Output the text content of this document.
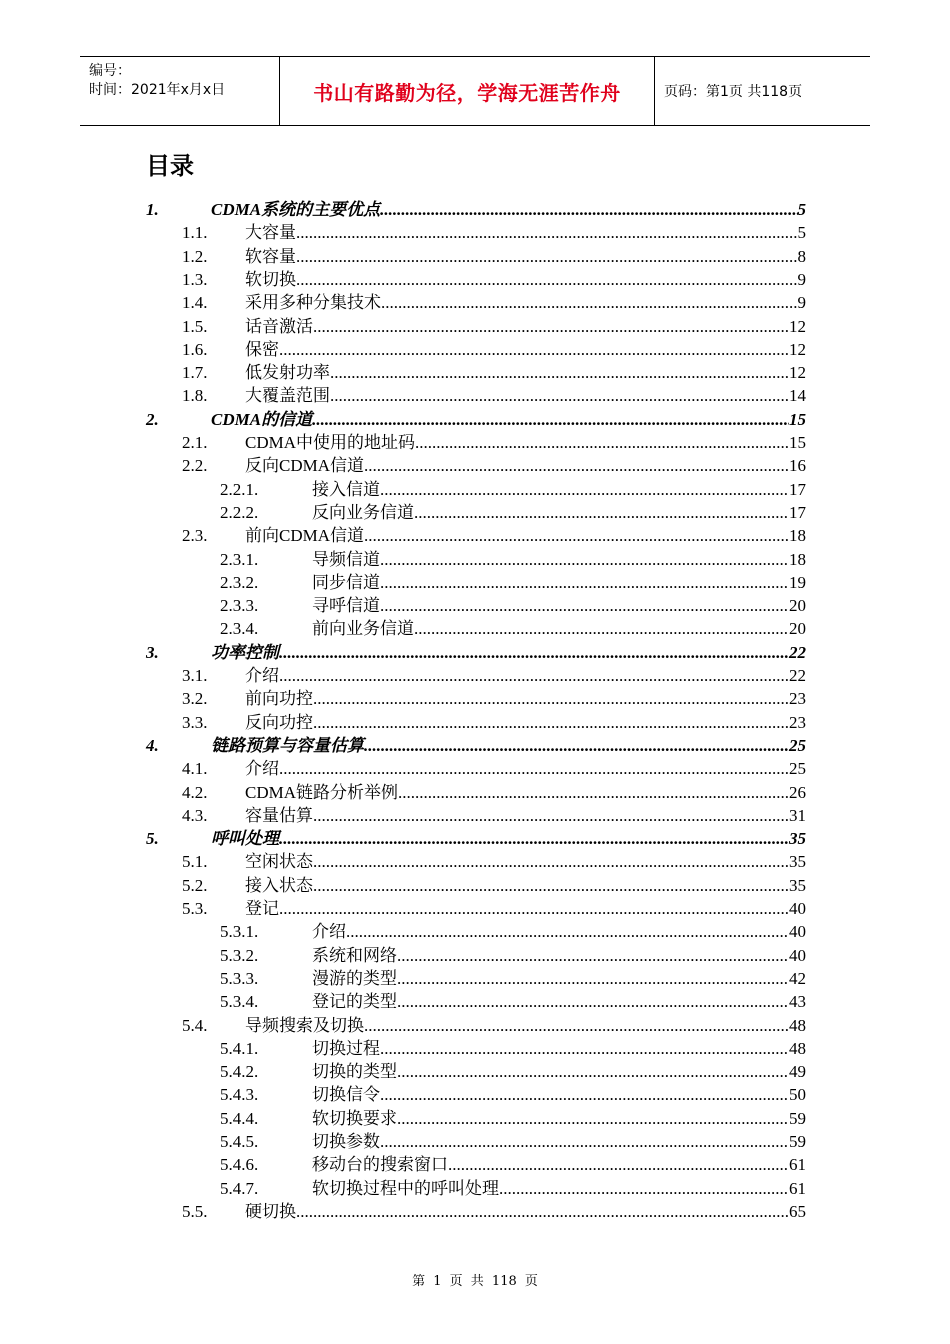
编号：
时间：2021年x月x日	书山有路勤为径，学海无涯苦作舟	页码：第1页 共118页
目录
1.	CDMA系统的主要优点 .....	5
1.1. 大容量 .....	5
1.2. 软容量 .....	8
1.3. 软切换 .....	9
1.4. 采用多种分集技术 .....	9
1.5. 话音激活 .....	12
1.6. 保密 .....	12
1.7. 低发射功率 .....	12
1.8. 大覆盖范围 .....	14
2.	CDMA的信道 .....	15
2.1. CDMA中使用的地址码 .....	15
2.2. 反向CDMA信道 .....	16
2.2.1.	接入信道 .....	17
2.2.2.	反向业务信道 .....	17
2.3. 前向CDMA信道 .....	18
2.3.1.	导频信道 .....	18
2.3.2.	同步信道 .....	19
2.3.3.	寻呼信道 .....	20
2.3.4.	前向业务信道 .....	20
3.	功率控制 .....	22
3.1. 介绍 .....	22
3.2. 前向功控 .....	23
3.3. 反向功控 .....	23
4.	链路预算与容量估算 .....	25
4.1. 介绍 .....	25
4.2. CDMA链路分析举例 .....	26
4.3. 容量估算 .....	31
5.	呼叫处理 .....	35
5.1. 空闲状态 .....	35
5.2. 接入状态 .....	35
5.3. 登记 .....	40
5.3.1.	介绍 .....	40
5.3.2.	系统和网络 .....	40
5.3.3.	漫游的类型 .....	42
5.3.4.	登记的类型 .....	43
5.4. 导频搜索及切换 .....	48
5.4.1.	切换过程 .....	48
5.4.2.	切换的类型 .....	49
5.4.3.	切换信令 .....	50
5.4.4.	软切换要求 .....	59
5.4.5.	切换参数 .....	59
5.4.6.	移动台的搜索窗口 .....	61
5.4.7.	软切换过程中的呼叫处理 .....	61
5.5. 硬切换 .....	65
第 1 页 共 118 页
